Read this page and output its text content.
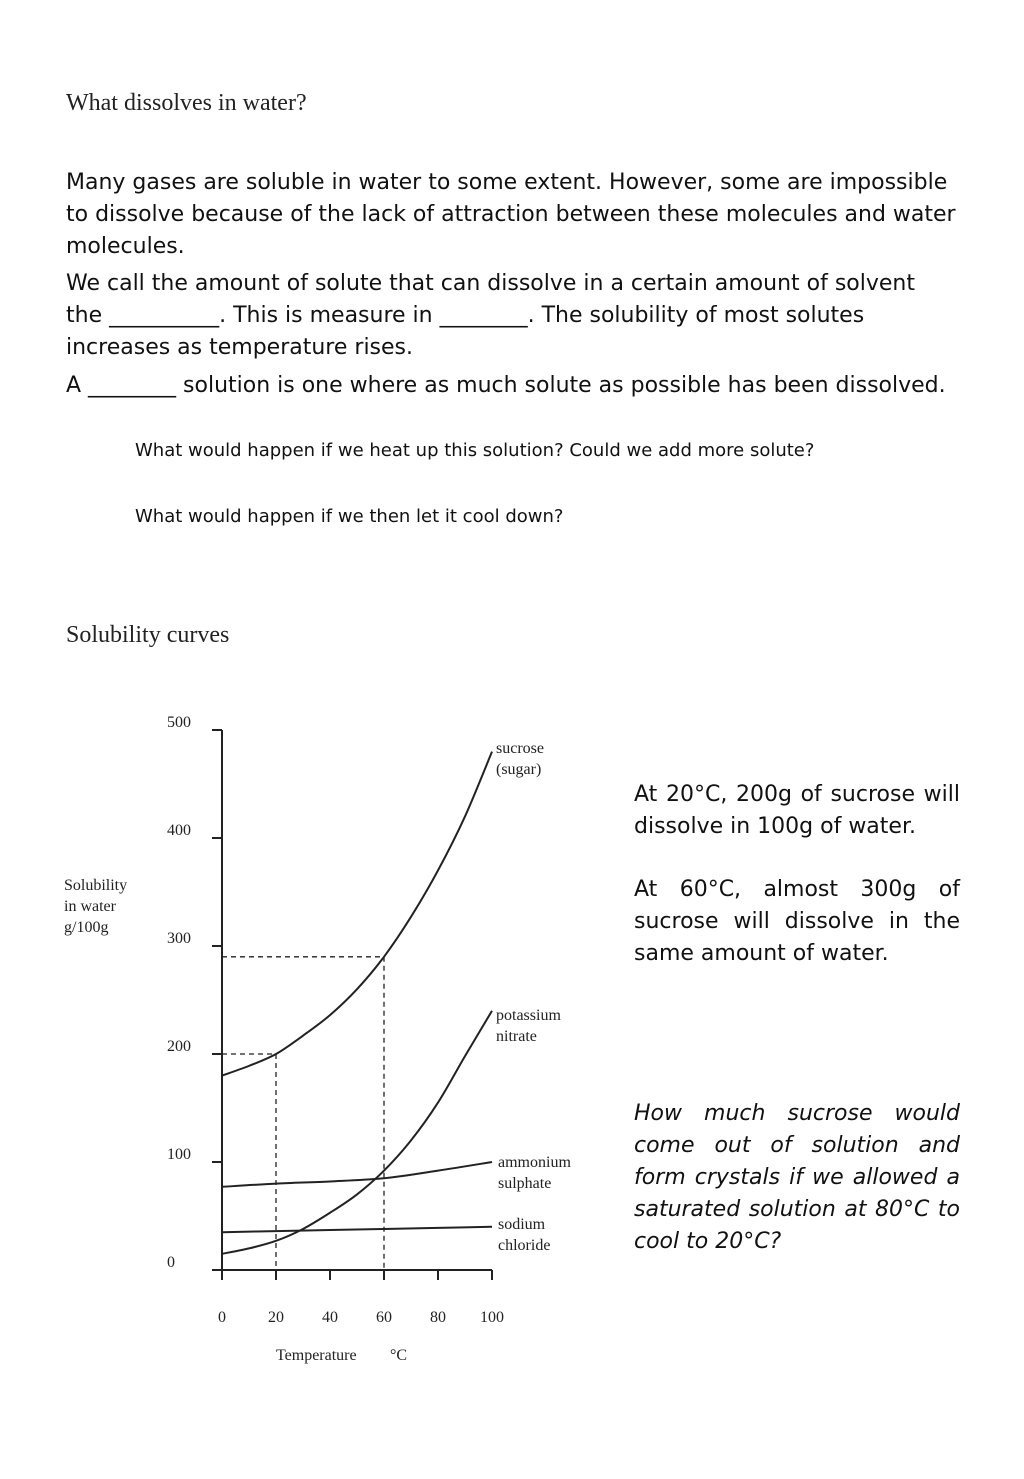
What dissolves in water?

Many gases are soluble in water to some extent. However, some are impossible to dissolve because of the lack of attraction between these molecules and water molecules.

We call the amount of solute that can dissolve in a certain amount of solvent the __________. This is measure in ________. The solubility of most solutes increases as temperature rises.

A ________ solution is one where as much solute as possible has been dissolved.

What would happen if we heat up this solution? Could we add more solute?

What would happen if we then let it cool down?

Solubility curves
0
100
200
300
400
500
0	20 40 60 80 100
Temperature °C
Solubility
in water
g/100g
sucrose
(sugar)
potassium
nitrate
ammonium
sulphate
sodium
chloride

At 20°C, 200g of sucrose will dissolve in 100g of water.

At 60°C, almost 300g of sucrose will dissolve in the same amount of water.

How much sucrose would come out of solution and form crystals if we allowed a saturated solution at 80°C to cool to 20°C?
